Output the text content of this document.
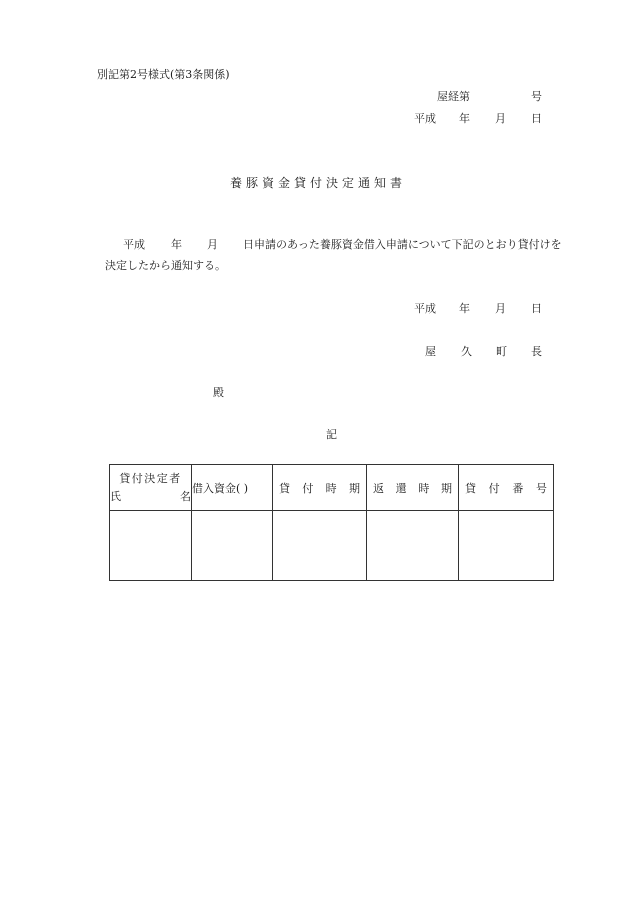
別記第2号様式(第3条関係)
屋経第	号
平成 年 月 日
養豚資金貸付決定通知書
平成 年 月 日申請のあった養豚資金借入申請について下記のとおり貸付けを決定したから通知する。
平成 年 月 日
屋 久 町 長
殿
記
貸付決定者
氏 名	借入資金( )	貸 付 時 期	返 還 時 期	貸 付 番 号
